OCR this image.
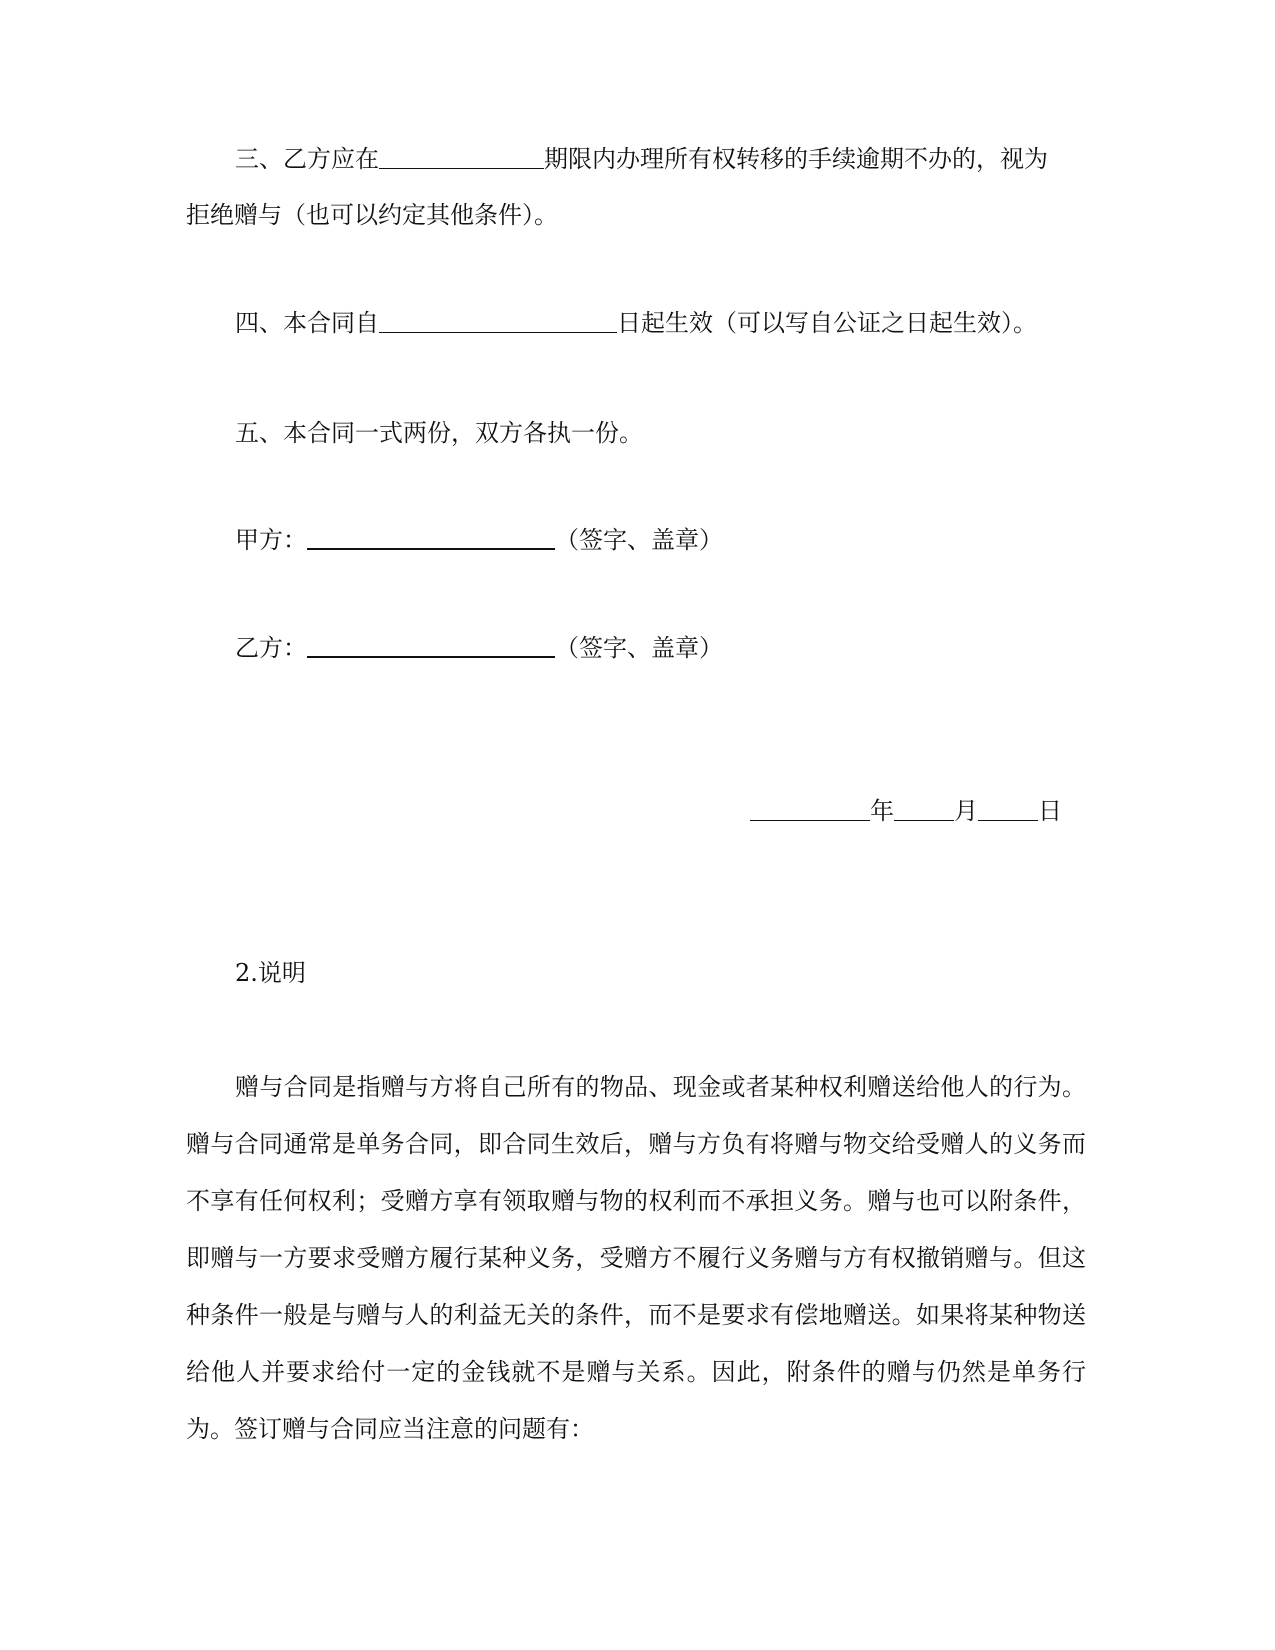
三、乙方应在	期限内办理所有权转移的手续逾期不办的，视为
拒绝赠与（也可以约定其他条件）。
四、本合同自	日起生效（可以写自公证之日起生效）。
五、本合同一式两份，双方各执一份。
甲方：	（签字、盖章）
乙方：	（签字、盖章）
年	月	日
2.说明
赠与合同是指赠与方将自己所有的物品、现金或者某种权利赠送给他人的行为。赠与合同通常是单务合同，即合同生效后，赠与方负有将赠与物交给受赠人的义务而不享有任何权利；受赠方享有领取赠与物的权利而不承担义务。赠与也可以附条件，即赠与一方要求受赠方履行某种义务，受赠方不履行义务赠与方有权撤销赠与。但这种条件一般是与赠与人的利益无关的条件，而不是要求有偿地赠送。如果将某种物送给他人并要求给付一定的金钱就不是赠与关系。因此，附条件的赠与仍然是单务行为。签订赠与合同应当注意的问题有：
